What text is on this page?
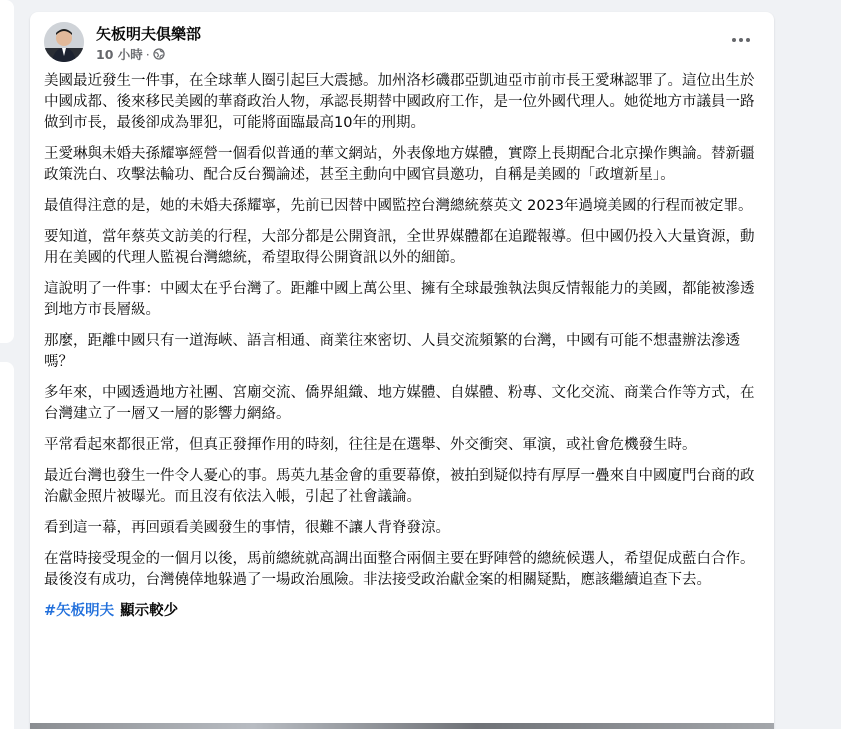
矢板明夫俱樂部
10 小時 ·

美國最近發生一件事，在全球華人圈引起巨大震撼。加州洛杉磯郡亞凱迪亞市前市長王愛琳認罪了。這位出生於中國成都、後來移民美國的華裔政治人物，承認長期替中國政府工作，是一位外國代理人。她從地方市議員一路做到市長，最後卻成為罪犯，可能將面臨最高10年的刑期。

王愛琳與未婚夫孫耀寧經營一個看似普通的華文網站，外表像地方媒體，實際上長期配合北京操作輿論。替新疆政策洗白、攻擊法輪功、配合反台獨論述，甚至主動向中國官員邀功，自稱是美國的「政壇新星」。

最值得注意的是，她的未婚夫孫耀寧，先前已因替中國監控台灣總統蔡英文 2023年過境美國的行程而被定罪。

要知道，當年蔡英文訪美的行程，大部分都是公開資訊，全世界媒體都在追蹤報導。但中國仍投入大量資源，動用在美國的代理人監視台灣總統，希望取得公開資訊以外的細節。

這說明了一件事：中國太在乎台灣了。距離中國上萬公里、擁有全球最強執法與反情報能力的美國，都能被滲透到地方市長層級。

那麼，距離中國只有一道海峽、語言相通、商業往來密切、人員交流頻繁的台灣，中國有可能不想盡辦法滲透嗎？

多年來，中國透過地方社團、宮廟交流、僑界組織、地方媒體、自媒體、粉專、文化交流、商業合作等方式，在台灣建立了一層又一層的影響力網絡。

平常看起來都很正常，但真正發揮作用的時刻，往往是在選舉、外交衝突、軍演，或社會危機發生時。

最近台灣也發生一件令人憂心的事。馬英九基金會的重要幕僚，被拍到疑似持有厚厚一疊來自中國廈門台商的政治獻金照片被曝光。而且沒有依法入帳，引起了社會議論。

看到這一幕，再回頭看美國發生的事情，很難不讓人背脊發涼。

在當時接受現金的一個月以後，馬前總統就高調出面整合兩個主要在野陣營的總統候選人，希望促成藍白合作。最後沒有成功，台灣僥倖地躲過了一場政治風險。非法接受政治獻金案的相關疑點，應該繼續追查下去。

#矢板明夫 顯示較少
